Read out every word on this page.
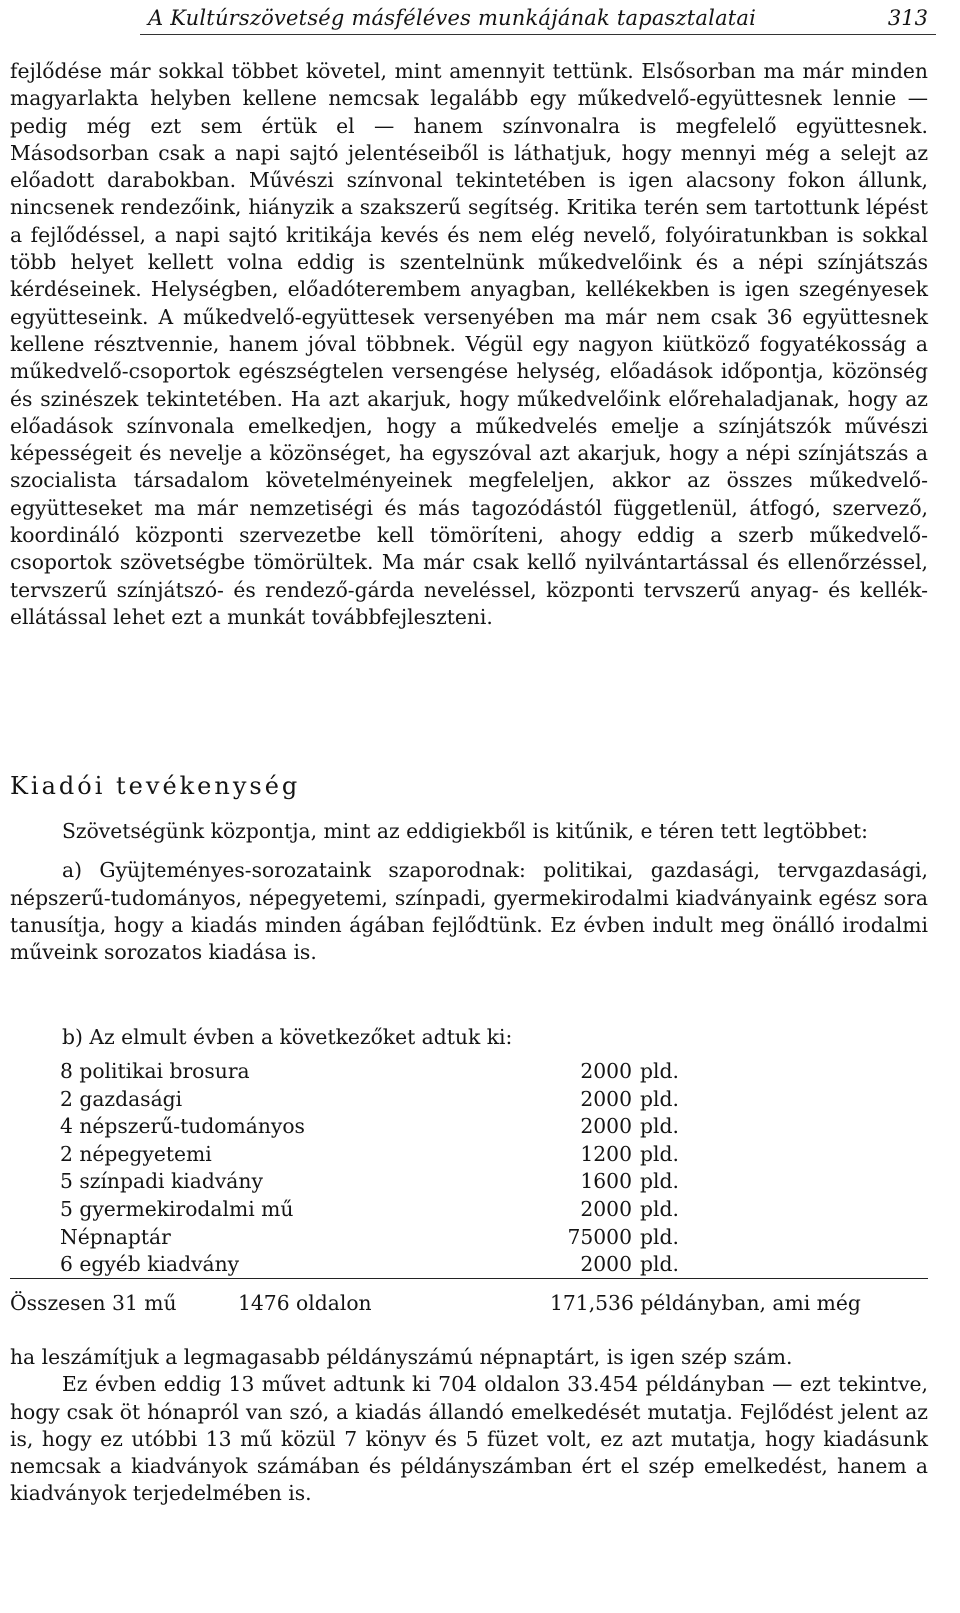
A Kultúrszövetség másféléves munkájának tapasztalatai	313

fejlődése már sokkal többet követel, mint amennyit tettünk. Elsősorban ma már minden magyarlakta helyben kellene nemcsak legalább egy műkedvelő-együttesnek lennie — pedig még ezt sem értük el — hanem színvonalra is megfelelő együttesnek. Másodsorban csak a napi sajtó jelentéseiből is láthatjuk, hogy mennyi még a selejt az előadott darabokban. Művészi színvonal tekintetében is igen alacsony fokon állunk, nincsenek rendezőink, hiányzik a szakszerű segítség. Kritika terén sem tartottunk lépést a fejlődéssel, a napi sajtó kritikája kevés és nem elég nevelő, folyóiratunkban is sokkal több helyet kellett volna eddig is szentelnünk műkedvelőink és a népi színjátszás kérdéseinek. Helységben, előadóterembem anyagban, kellékekben is igen szegényesek együtteseink. A műkedvelő-együttesek versenyében ma már nem csak 36 együttesnek kellene résztvennie, hanem jóval többnek. Végül egy nagyon kiütköző fogyatékosság a műkedvelő-csoportok egészségtelen versengése helység, előadások időpontja, közönség és szinészek tekintetében. Ha azt akarjuk, hogy műkedvelőink előrehaladjanak, hogy az előadások színvonala emelkedjen, hogy a műkedvelés emelje a színjátszók művészi képességeit és nevelje a közönséget, ha egyszóval azt akarjuk, hogy a népi színjátszás a szocialista társadalom követelményeinek megfeleljen, akkor az összes műkedvelő-együtteseket ma már nemzetiségi és más tagozódástól függetlenül, átfogó, szervező, koordináló központi szervezetbe kell tömöríteni, ahogy eddig a szerb műkedvelő-csoportok szövetségbe tömörültek. Ma már csak kellő nyilvántartással és ellenőrzéssel, tervszerű színjátszó- és rendező-gárda neveléssel, központi tervszerű anyag- és kellék-ellátással lehet ezt a munkát továbbfejleszteni.

Kiadói tevékenység

Szövetségünk központja, mint az eddigiekből is kitűnik, e téren tett legtöbbet:

a) Gyüjteményes-sorozataink szaporodnak: politikai, gazdasági, tervgazdasági, népszerű-tudományos, népegyetemi, színpadi, gyermekirodalmi kiadványaink egész sora tanusítja, hogy a kiadás minden ágában fejlődtünk. Ez évben indult meg önálló irodalmi műveink sorozatos kiadása is.

b) Az elmult évben a következőket adtuk ki:
8 politikai brosura	2000	pld.
2 gazdasági	2000	pld.
4 népszerű-tudományos	2000	pld.
2 népegyetemi	1200	pld.
5 színpadi kiadvány	1600	pld.
5 gyermekirodalmi mű	2000	pld.
Népnaptár	75000	pld.
6 egyéb kiadvány	2000	pld.
Összesen 31 mű	1476 oldalon	171,536 példányban, ami még

ha leszámítjuk a legmagasabb példányszámú népnaptárt, is igen szép szám.

Ez évben eddig 13 művet adtunk ki 704 oldalon 33.454 példányban — ezt tekintve, hogy csak öt hónapról van szó, a kiadás állandó emelkedését mutatja. Fejlődést jelent az is, hogy ez utóbbi 13 mű közül 7 könyv és 5 füzet volt, ez azt mutatja, hogy kiadásunk nemcsak a kiadványok számában és példányszámban ért el szép emelkedést, hanem a kiadványok terjedelmében is.
